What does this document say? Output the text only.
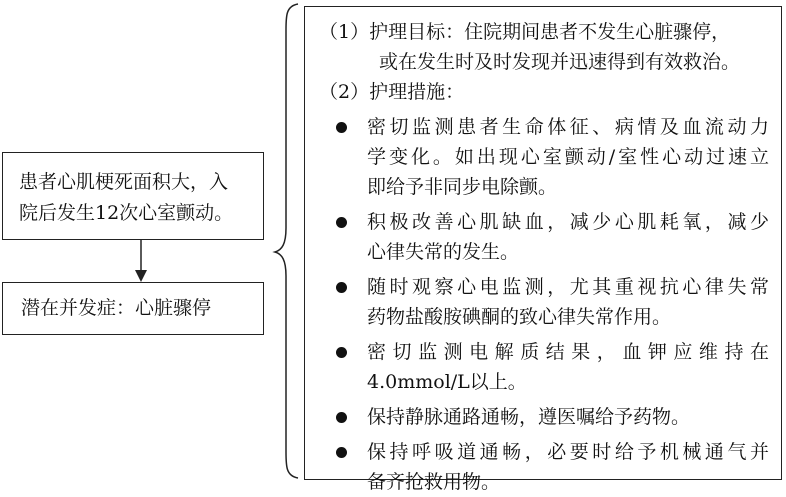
患者心肌梗死面积大，入
院后发生12次心室颤动。
潜在并发症：心脏骤停
（1）护理目标：住院期间患者不发生心脏骤停，
或在发生时及时发现并迅速得到有效救治。
（2）护理措施：
密切监测患者生命体征、病情及血流动力
学变化。如出现心室颤动/室性心动过速立
即给予非同步电除颤。
积极改善心肌缺血，减少心肌耗氧，减少
心律失常的发生。
随时观察心电监测，尤其重视抗心律失常
药物盐酸胺碘酮的致心律失常作用。
密切监测电解质结果，血钾应维持在
4.0mmol/L以上。
保持静脉通路通畅，遵医嘱给予药物。
保持呼吸道通畅，必要时给予机械通气并
备齐抢救用物。
